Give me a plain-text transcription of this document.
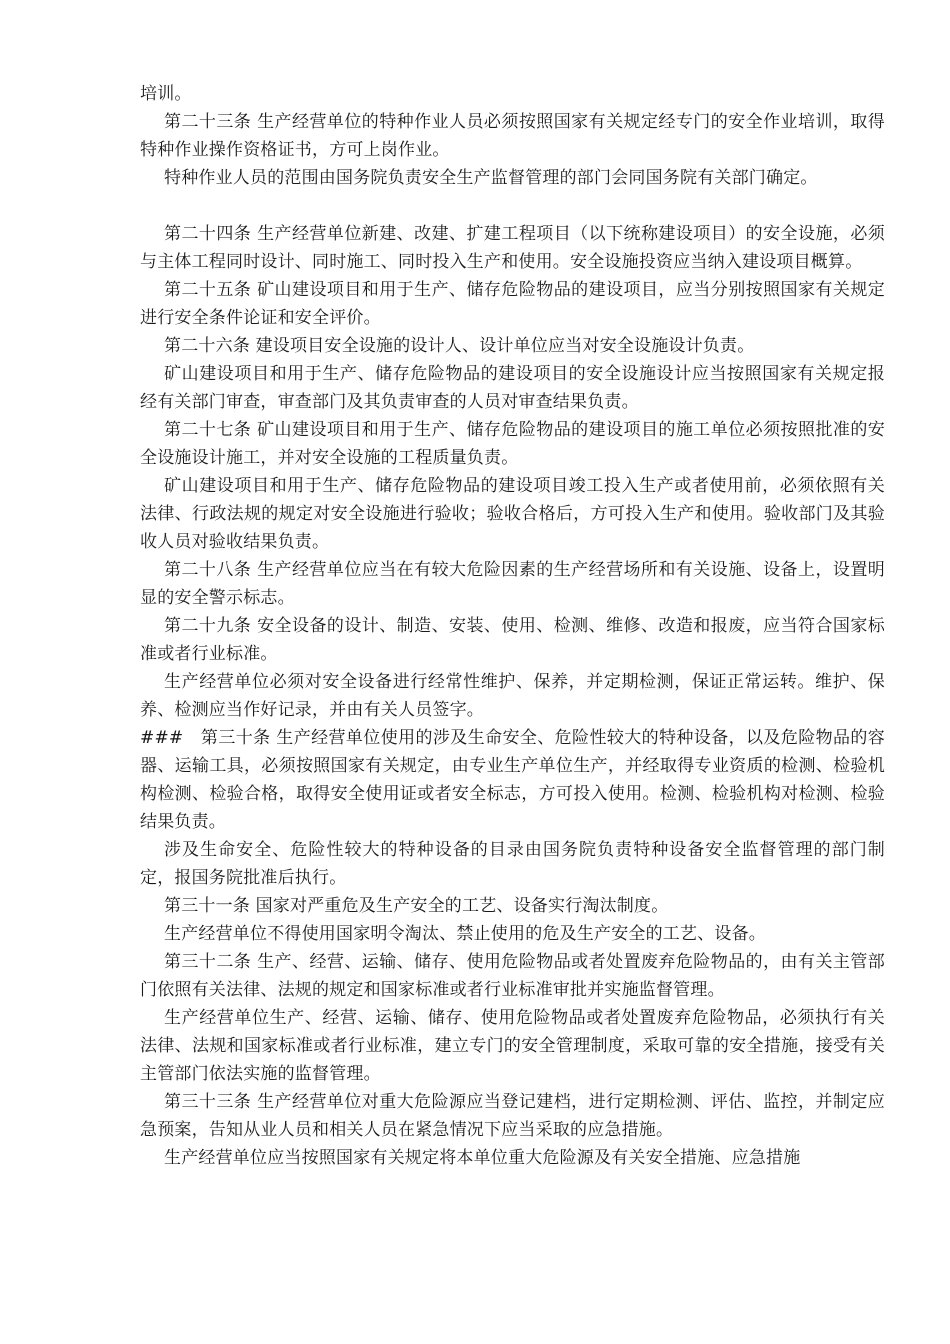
培训。

第二十三条 生产经营单位的特种作业人员必须按照国家有关规定经专门的安全作业培训，取得特种作业操作资格证书，方可上岗作业。

特种作业人员的范围由国务院负责安全生产监督管理的部门会同国务院有关部门确定。

第二十四条 生产经营单位新建、改建、扩建工程项目（以下统称建设项目）的安全设施，必须与主体工程同时设计、同时施工、同时投入生产和使用。安全设施投资应当纳入建设项目概算。

第二十五条 矿山建设项目和用于生产、储存危险物品的建设项目，应当分别按照国家有关规定进行安全条件论证和安全评价。

第二十六条 建设项目安全设施的设计人、设计单位应当对安全设施设计负责。

矿山建设项目和用于生产、储存危险物品的建设项目的安全设施设计应当按照国家有关规定报经有关部门审查，审查部门及其负责审查的人员对审查结果负责。

第二十七条 矿山建设项目和用于生产、储存危险物品的建设项目的施工单位必须按照批准的安全设施设计施工，并对安全设施的工程质量负责。

矿山建设项目和用于生产、储存危险物品的建设项目竣工投入生产或者使用前，必须依照有关法律、行政法规的规定对安全设施进行验收；验收合格后，方可投入生产和使用。验收部门及其验收人员对验收结果负责。

第二十八条 生产经营单位应当在有较大危险因素的生产经营场所和有关设施、设备上，设置明显的安全警示标志。

第二十九条 安全设备的设计、制造、安装、使用、检测、维修、改造和报废，应当符合国家标准或者行业标准。

生产经营单位必须对安全设备进行经常性维护、保养，并定期检测，保证正常运转。维护、保养、检测应当作好记录，并由有关人员签字。

###　第三十条 生产经营单位使用的涉及生命安全、危险性较大的特种设备，以及危险物品的容器、运输工具，必须按照国家有关规定，由专业生产单位生产，并经取得专业资质的检测、检验机构检测、检验合格，取得安全使用证或者安全标志，方可投入使用。检测、检验机构对检测、检验结果负责。

涉及生命安全、危险性较大的特种设备的目录由国务院负责特种设备安全监督管理的部门制定，报国务院批准后执行。

第三十一条 国家对严重危及生产安全的工艺、设备实行淘汰制度。

生产经营单位不得使用国家明令淘汰、禁止使用的危及生产安全的工艺、设备。

第三十二条 生产、经营、运输、储存、使用危险物品或者处置废弃危险物品的，由有关主管部门依照有关法律、法规的规定和国家标准或者行业标准审批并实施监督管理。

生产经营单位生产、经营、运输、储存、使用危险物品或者处置废弃危险物品，必须执行有关法律、法规和国家标准或者行业标准，建立专门的安全管理制度，采取可靠的安全措施，接受有关主管部门依法实施的监督管理。

第三十三条 生产经营单位对重大危险源应当登记建档，进行定期检测、评估、监控，并制定应急预案，告知从业人员和相关人员在紧急情况下应当采取的应急措施。

生产经营单位应当按照国家有关规定将本单位重大危险源及有关安全措施、应急措施
